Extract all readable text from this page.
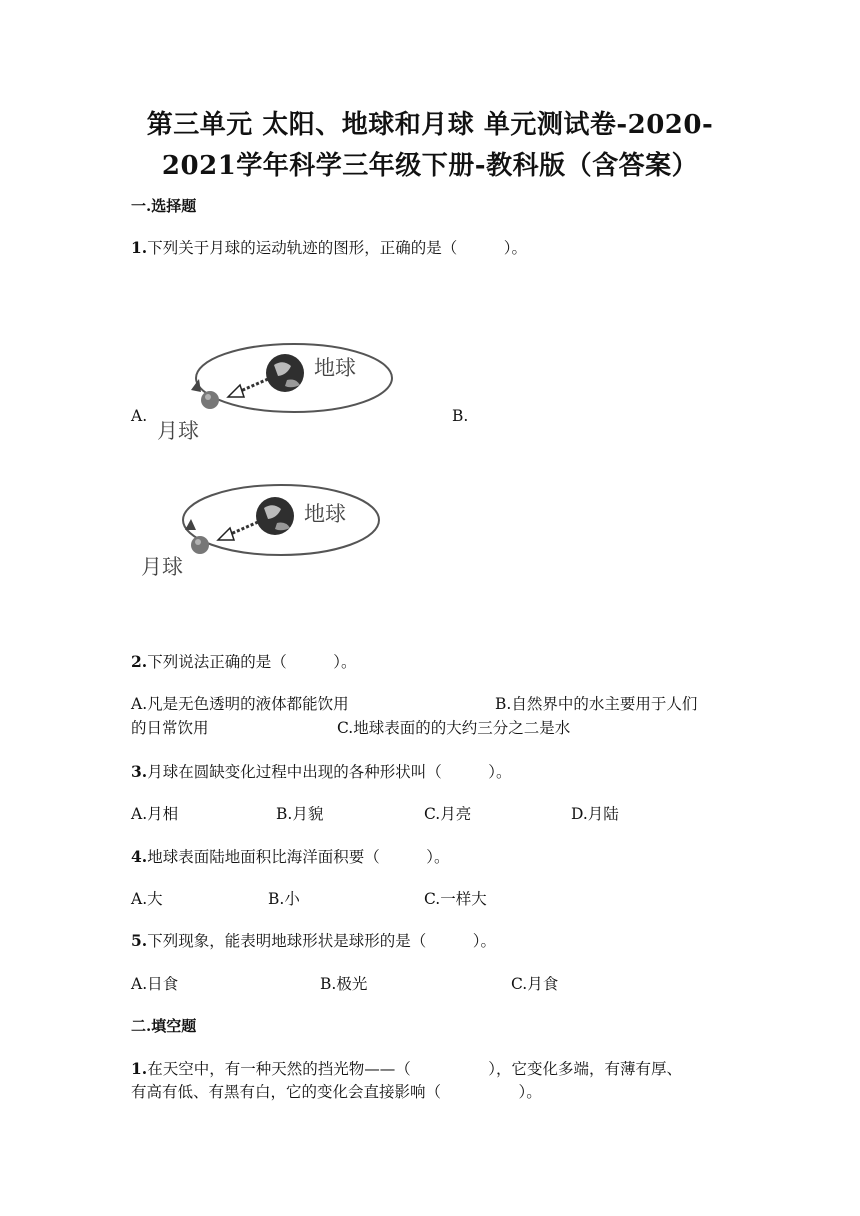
第三单元 太阳、地球和月球 单元测试卷-2020-
2021学年科学三年级下册-教科版（含答案）
一.选择题
1.下列关于月球的运动轨迹的图形，正确的是（　　　）。
地球
月球
A.	B.
地球
月球
2.下列说法正确的是（　　　）。
A.凡是无色透明的液体都能饮用	B.自然界中的水主要用于人们
的日常饮用	C.地球表面的的大约三分之二是水
3.月球在圆缺变化过程中出现的各种形状叫（　　　）。
A.月相	B.月貌	C.月亮	D.月陆
4.地球表面陆地面积比海洋面积要（　　　）。
A.大	B.小	C.一样大
5.下列现象，能表明地球形状是球形的是（　　　）。
A.日食	B.极光	C.月食
二.填空题
1.在天空中，有一种天然的挡光物——（　　　　　），它变化多端，有薄有厚、
有高有低、有黑有白，它的变化会直接影响（　　　　　）。
